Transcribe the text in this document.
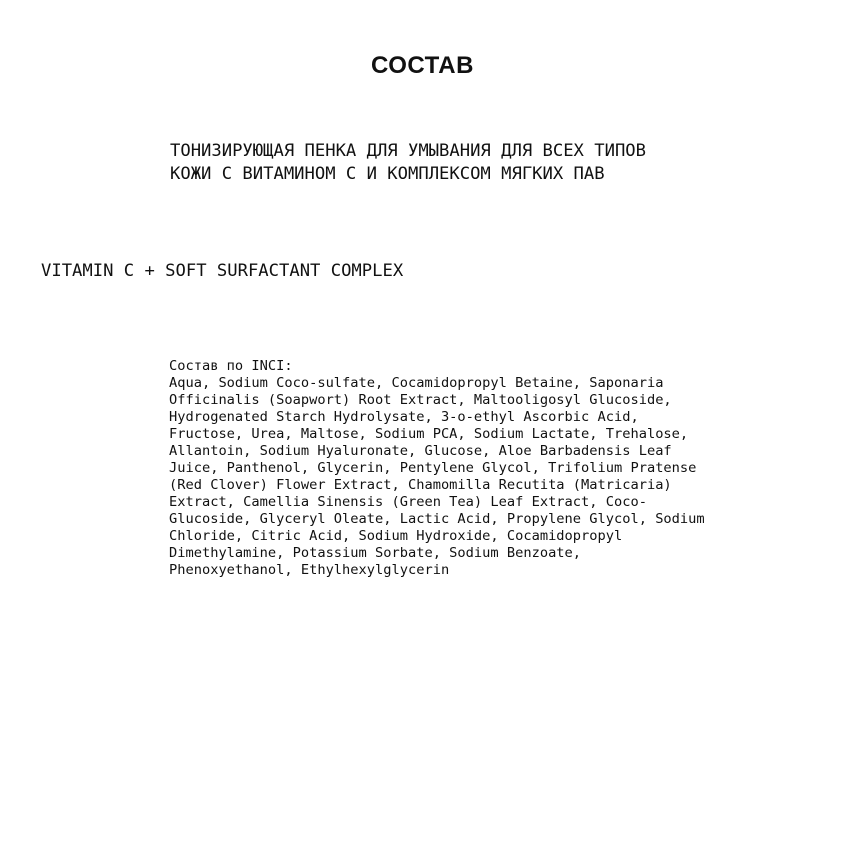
СОСТАВ
ТОНИЗИРУЮЩАЯ ПЕНКА ДЛЯ УМЫВАНИЯ ДЛЯ ВСЕХ ТИПОВ
КОЖИ С ВИТАМИНОМ С И КОМПЛЕКСОМ МЯГКИХ ПАВ
VITAMIN C + SOFT SURFACTANT COMPLEX
Состав по INCI:
Aqua, Sodium Coco-sulfate, Cocamidopropyl Betaine, Saponaria
Officinalis (Soapwort) Root Extract, Maltooligosyl Glucoside,
Hydrogenated Starch Hydrolysate, 3-o-ethyl Ascorbic Acid,
Fructose, Urea, Maltose, Sodium PCA, Sodium Lactate, Trehalose,
Allantoin, Sodium Hyaluronate, Glucose, Aloe Barbadensis Leaf
Juice, Panthenol, Glycerin, Pentylene Glycol, Trifolium Pratense
(Red Clover) Flower Extract, Chamomilla Recutita (Matricaria)
Extract, Camellia Sinensis (Green Tea) Leaf Extract, Coco-
Glucoside, Glyceryl Oleate, Lactic Acid, Propylene Glycol, Sodium
Chloride, Citric Acid, Sodium Hydroxide, Cocamidopropyl
Dimethylamine, Potassium Sorbate, Sodium Benzoate,
Phenoxyethanol, Ethylhexylglycerin
